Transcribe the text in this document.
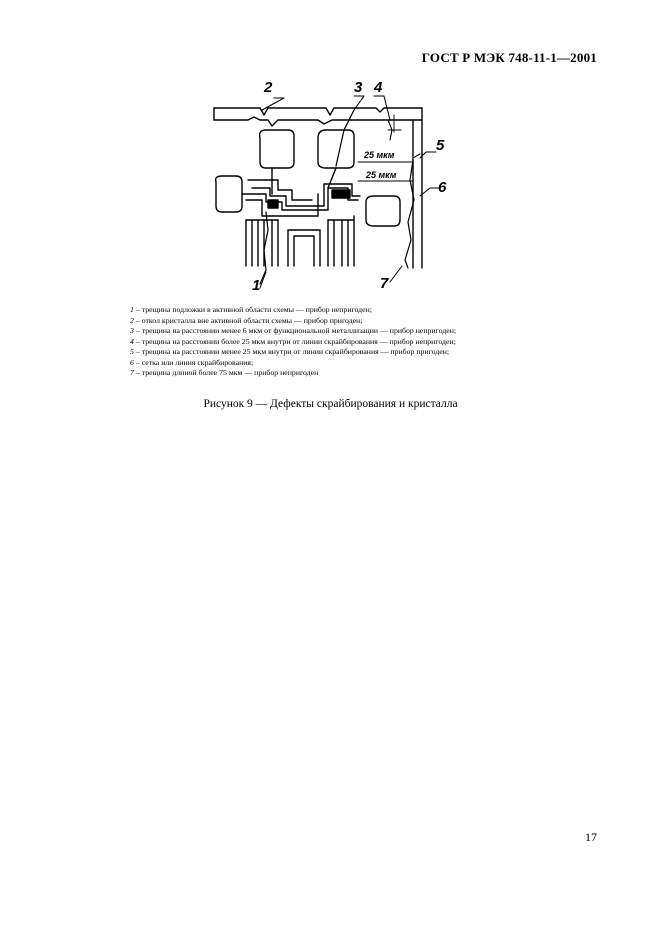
ГОСТ Р МЭК 748-11-1—2001
2	3 4
5
6
1	7
25 мкм
25 мкм
1 – трещина подложки в активной области схемы — прибор непригоден;
2 – откол кристалла вне активной области схемы — прибор пригоден;
3 – трещина на расстоянии менее 6 мкм от функциональной металлизации — прибор непригоден;
4 – трещина на расстоянии более 25 мкм внутри от линии скрайбирования — прибор непригоден;
5 – трещина на расстоянии менее 25 мкм внутри от линии скрайбирования — прибор пригоден;
6 – сетка или линия скрайбирования;
7 – трещина длиной более 75 мкм — прибор непригоден
Рисунок 9 — Дефекты скрайбирования и кристалла
17
